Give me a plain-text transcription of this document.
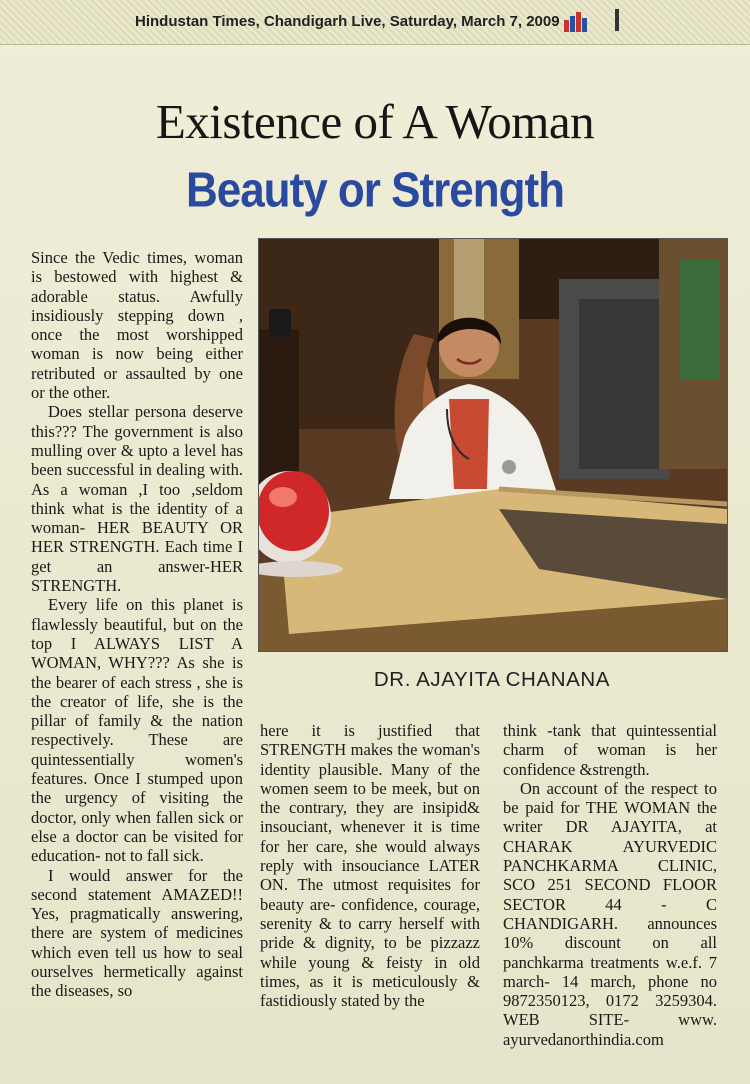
Hindustan Times, Chandigarh Live, Saturday, March 7, 2009
Existence of A Woman
Beauty or Strength

Since the Vedic times, woman is bestowed with highest & adorable status. Awfully insidiously stepping down , once the most worshipped woman is now being either retributed or assaulted by one or the other.

Does stellar persona deserve this??? The government is also mulling over & upto a level has been successful in dealing with. As a woman ,I too ,seldom think what is the identity of a woman- HER BEAUTY OR HER STRENGTH. Each time I get an answer-HER STRENGTH.

Every life on this planet is flawlessly beautiful, but on the top I ALWAYS LIST A WOMAN, WHY??? As she is the bearer of each stress , she is the creator of life, she is the pillar of family & the nation respectively. These are quintessentially women's features. Once I stumped upon the urgency of visiting the doctor, only when fallen sick or else a doctor can be visited for education- not to fall sick.

I would answer for the second statement AMAZED!! Yes, pragmatically answering, there are system of medicines which even tell us how to seal ourselves hermetically against the diseases, so

DR. AJAYITA CHANANA

here it is justified that STRENGTH makes the woman's identity plausible. Many of the women seem to be meek, but on the contrary, they are insipid& insouciant, whenever it is time for her care, she would always reply with insouciance LATER ON. The utmost requisites for beauty are- confidence, courage, serenity & to carry herself with pride & dignity, to be pizzazz while young & feisty in old times, as it is meticulously & fastidiously stated by the

think -tank that quintessential charm of woman is her confidence &strength.

On account of the respect to be paid for THE WOMAN the writer DR AJAYITA, at CHARAK AYURVEDIC PANCHKARMA CLINIC, SCO 251 SECOND FLOOR SECTOR 44 - C CHANDIGARH. announces 10% discount on all panchkarma treatments w.e.f. 7 march- 14 march, phone no 9872350123, 0172 3259304. WEB SITE- www. ayurvedanorthindia.com
